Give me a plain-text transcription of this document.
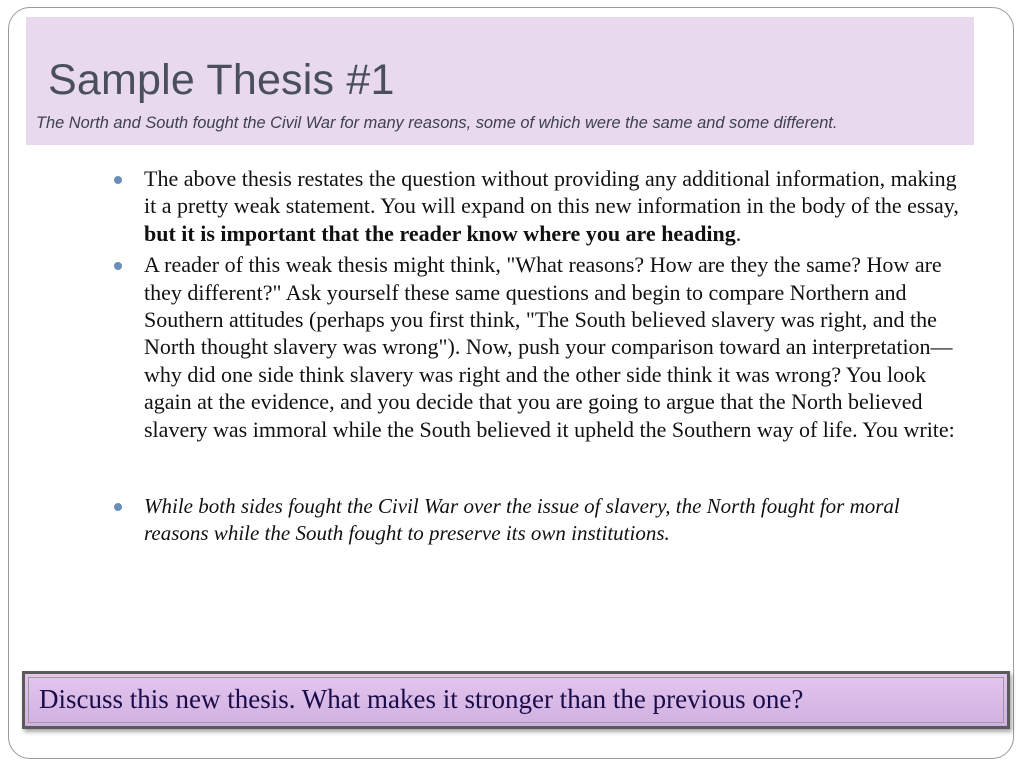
Sample Thesis #1
The North and South fought the Civil War for many reasons, some of which were the same and some different.
The above thesis restates the question without providing any additional information, making it a pretty weak statement. You will expand on this new information in the body of the essay, but it is important that the reader know where you are heading.
A reader of this weak thesis might think, "What reasons? How are they the same? How are they different?" Ask yourself these same questions and begin to compare Northern and Southern attitudes (perhaps you first think, "The South believed slavery was right, and the North thought slavery was wrong"). Now, push your comparison toward an interpretation—why did one side think slavery was right and the other side think it was wrong? You look again at the evidence, and you decide that you are going to argue that the North believed slavery was immoral while the South believed it upheld the Southern way of life. You write:
While both sides fought the Civil War over the issue of slavery, the North fought for moral reasons while the South fought to preserve its own institutions.
Discuss this new thesis. What makes it stronger than the previous one?
